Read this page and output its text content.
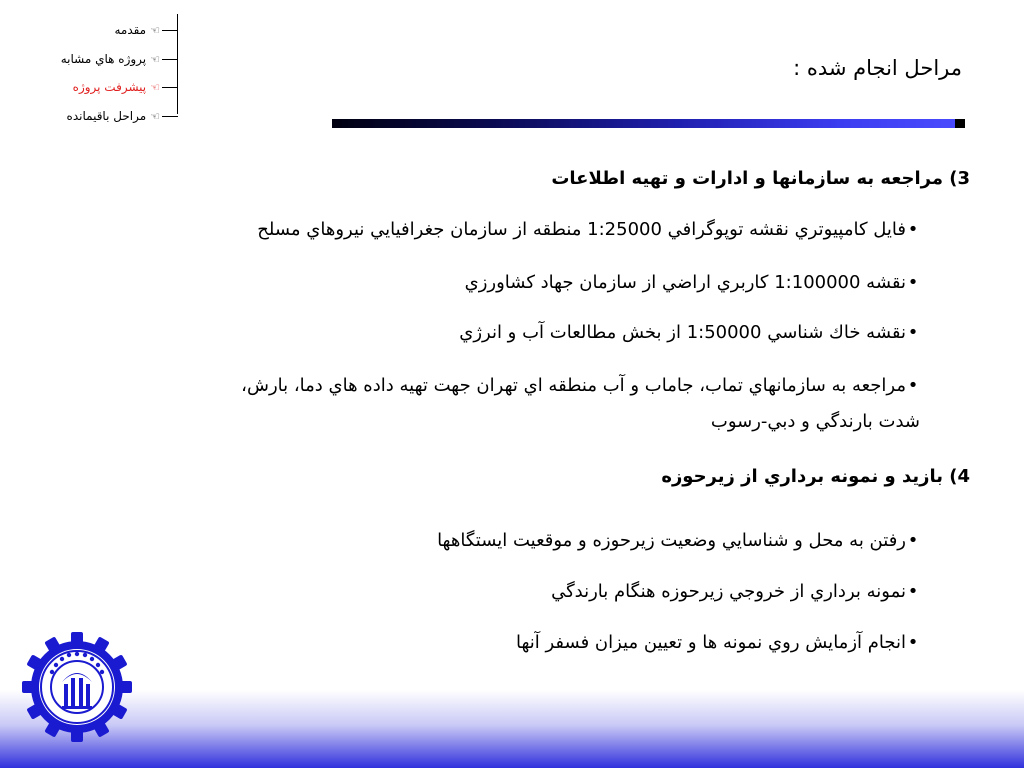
☜
مقدمه
☜
پروژه هاي مشابه
☜
پيشرفت پروژه
☜
مراحل باقيمانده
مراحل انجام شده :
3) مراجعه به سازمانها و ادارات و تهيه اطلاعات
•فايل كامپيوتري نقشه توپوگرافي 1:25000 منطقه از سازمان جغرافيايي نيروهاي مسلح
•نقشه 1:100000 كاربري اراضي از سازمان جهاد كشاورزي
•نقشه خاك شناسي 1:50000 از بخش مطالعات آب و انرژي
•مراجعه به سازمانهاي تماب، جاماب و آب منطقه اي تهران جهت تهيه داده هاي دما، بارش، شدت بارندگي و دبي-رسوب
4) بازيد و نمونه برداري از زيرحوزه
•رفتن به محل و شناسايي وضعيت زيرحوزه و موقعيت ايستگاهها
•نمونه برداري از خروجي زيرحوزه هنگام بارندگي
•انجام آزمايش روي نمونه ها و تعيين ميزان فسفر آنها
